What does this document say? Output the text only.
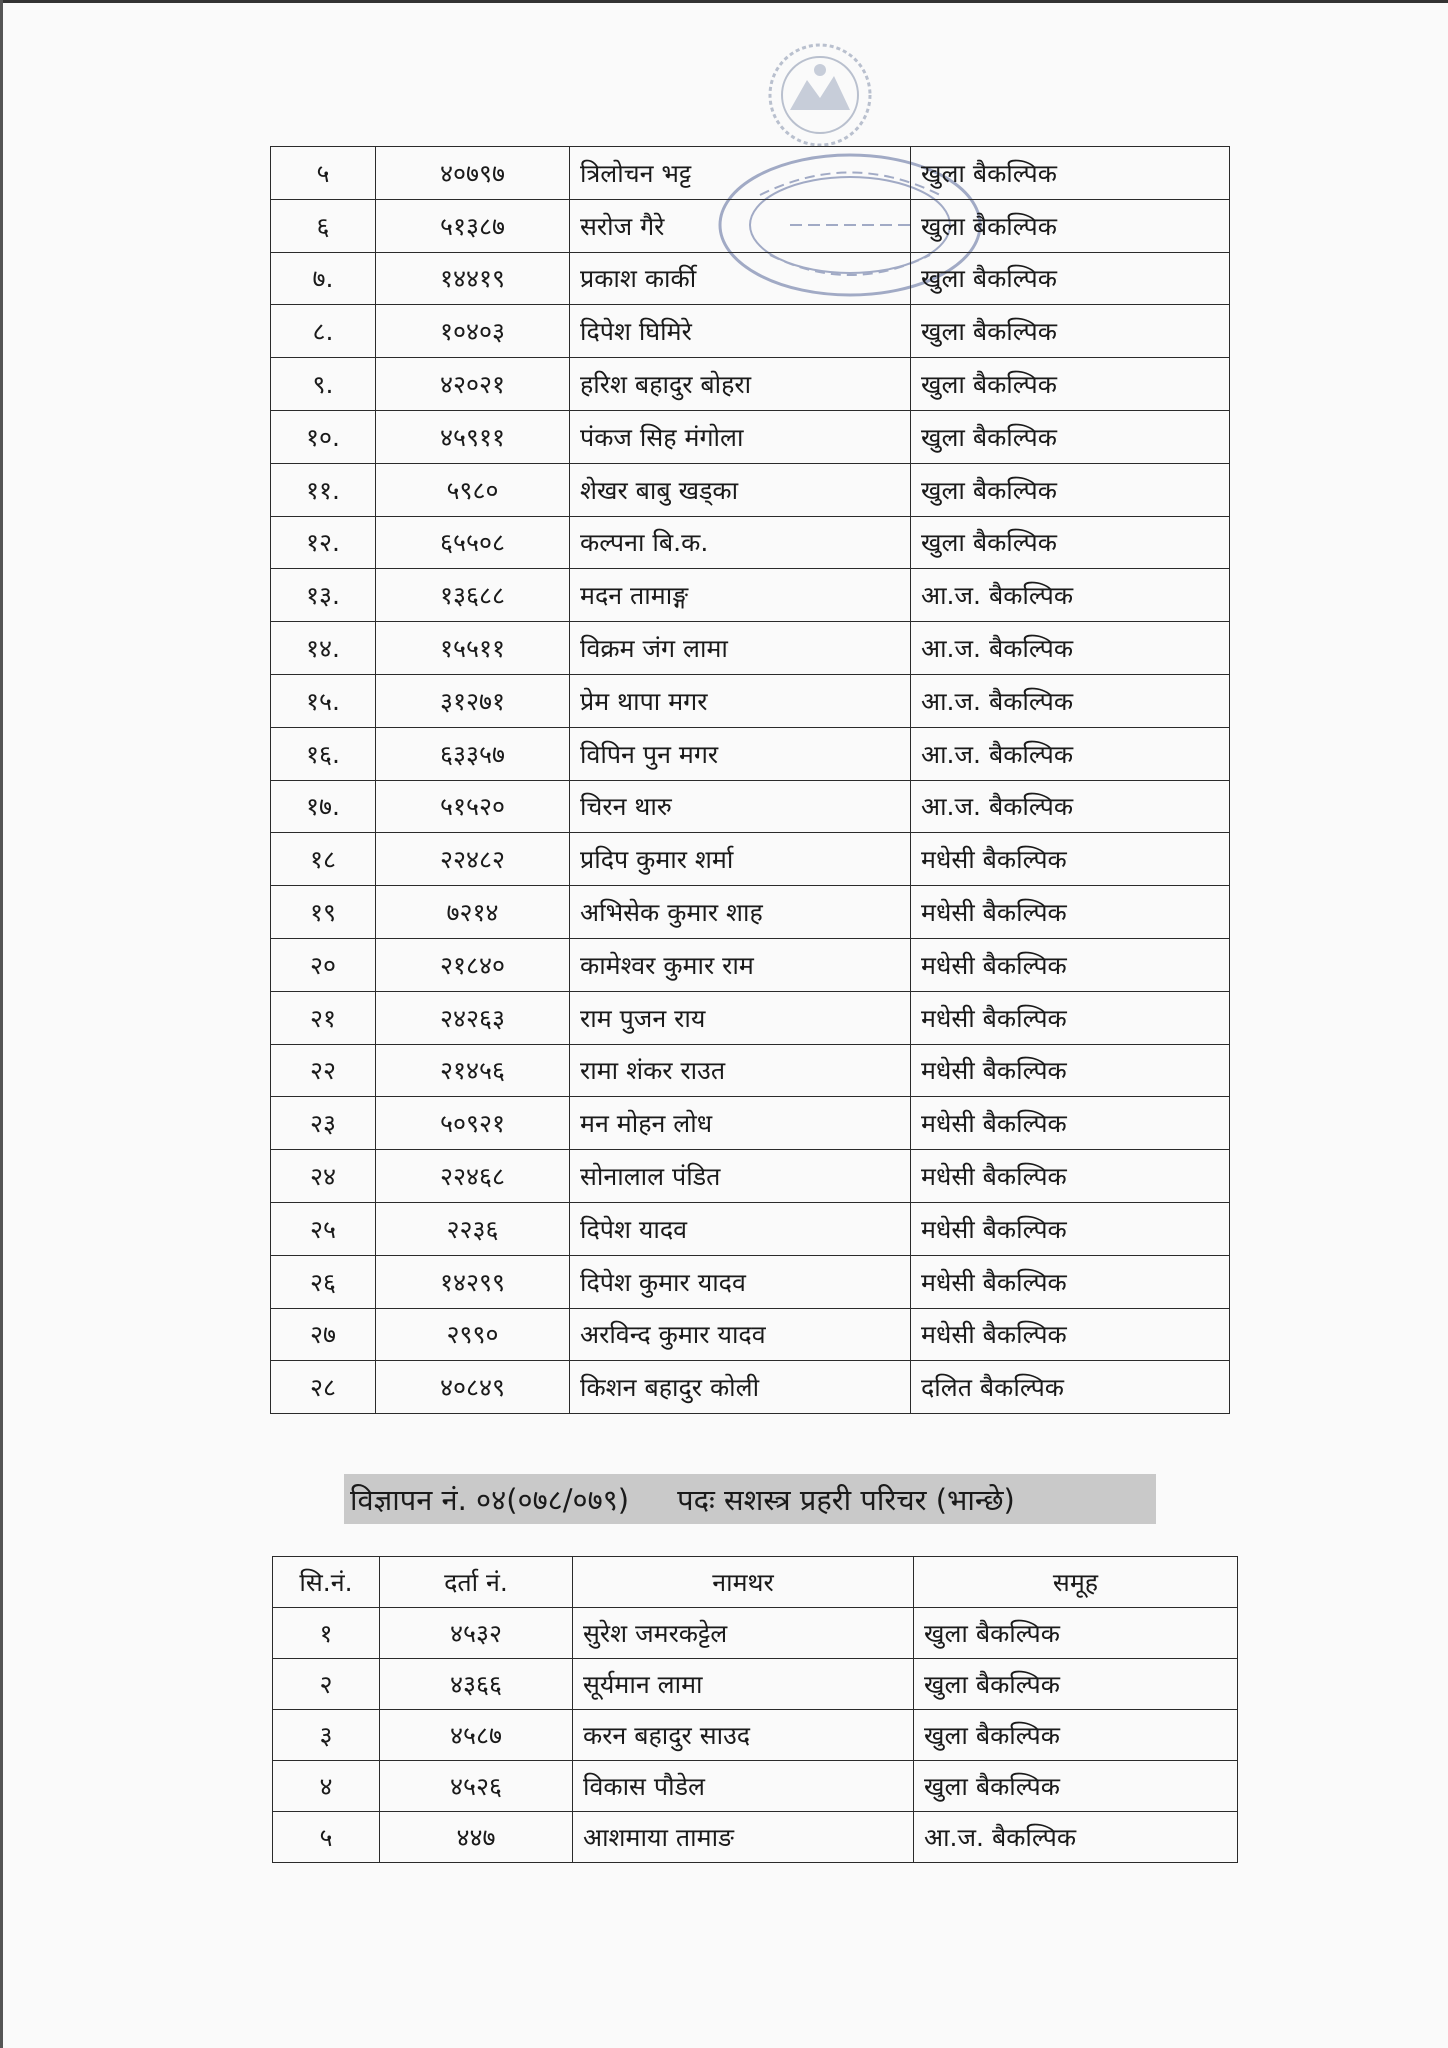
५	४०७९७	त्रिलोचन भट्ट	खुला बैकल्पिक
६	५१३८७	सरोज गैरे	खुला बैकल्पिक
७.	१४४१९	प्रकाश कार्की	खुला बैकल्पिक
८.	१०४०३	दिपेश घिमिरे	खुला बैकल्पिक
९.	४२०२१	हरिश बहादुर बोहरा	खुला बैकल्पिक
१०.	४५९११	पंकज सिह मंगोला	खुला बैकल्पिक
११.	५९८०	शेखर बाबु खड्का	खुला बैकल्पिक
१२.	६५५०८	कल्पना बि.क.	खुला बैकल्पिक
१३.	१३६८८	मदन तामाङ्ग	आ.ज. बैकल्पिक
१४.	१५५११	विक्रम जंग लामा	आ.ज. बैकल्पिक
१५.	३१२७१	प्रेम थापा मगर	आ.ज. बैकल्पिक
१६.	६३३५७	विपिन पुन मगर	आ.ज. बैकल्पिक
१७.	५१५२०	चिरन थारु	आ.ज. बैकल्पिक
१८	२२४८२	प्रदिप कुमार शर्मा	मधेसी बैकल्पिक
१९	७२१४	अभिसेक कुमार शाह	मधेसी बैकल्पिक
२०	२१८४०	कामेश्वर कुमार राम	मधेसी बैकल्पिक
२१	२४२६३	राम पुजन राय	मधेसी बैकल्पिक
२२	२१४५६	रामा शंकर राउत	मधेसी बैकल्पिक
२३	५०९२१	मन मोहन लोध	मधेसी बैकल्पिक
२४	२२४६८	सोनालाल पंडित	मधेसी बैकल्पिक
२५	२२३६	दिपेश यादव	मधेसी बैकल्पिक
२६	१४२९९	दिपेश कुमार यादव	मधेसी बैकल्पिक
२७	२९९०	अरविन्द कुमार यादव	मधेसी बैकल्पिक
२८	४०८४९	किशन बहादुर कोली	दलित बैकल्पिक
विज्ञापन नं. ०४(०७८/०७९) पदः सशस्त्र प्रहरी परिचर (भान्छे)
सि.नं.	दर्ता नं.	नामथर	समूह
१	४५३२	सुरेश जमरकट्टेल	खुला बैकल्पिक
२	४३६६	सूर्यमान लामा	खुला बैकल्पिक
३	४५८७	करन बहादुर साउद	खुला बैकल्पिक
४	४५२६	विकास पौडेल	खुला बैकल्पिक
५	४४७	आशमाया तामाङ	आ.ज. बैकल्पिक
